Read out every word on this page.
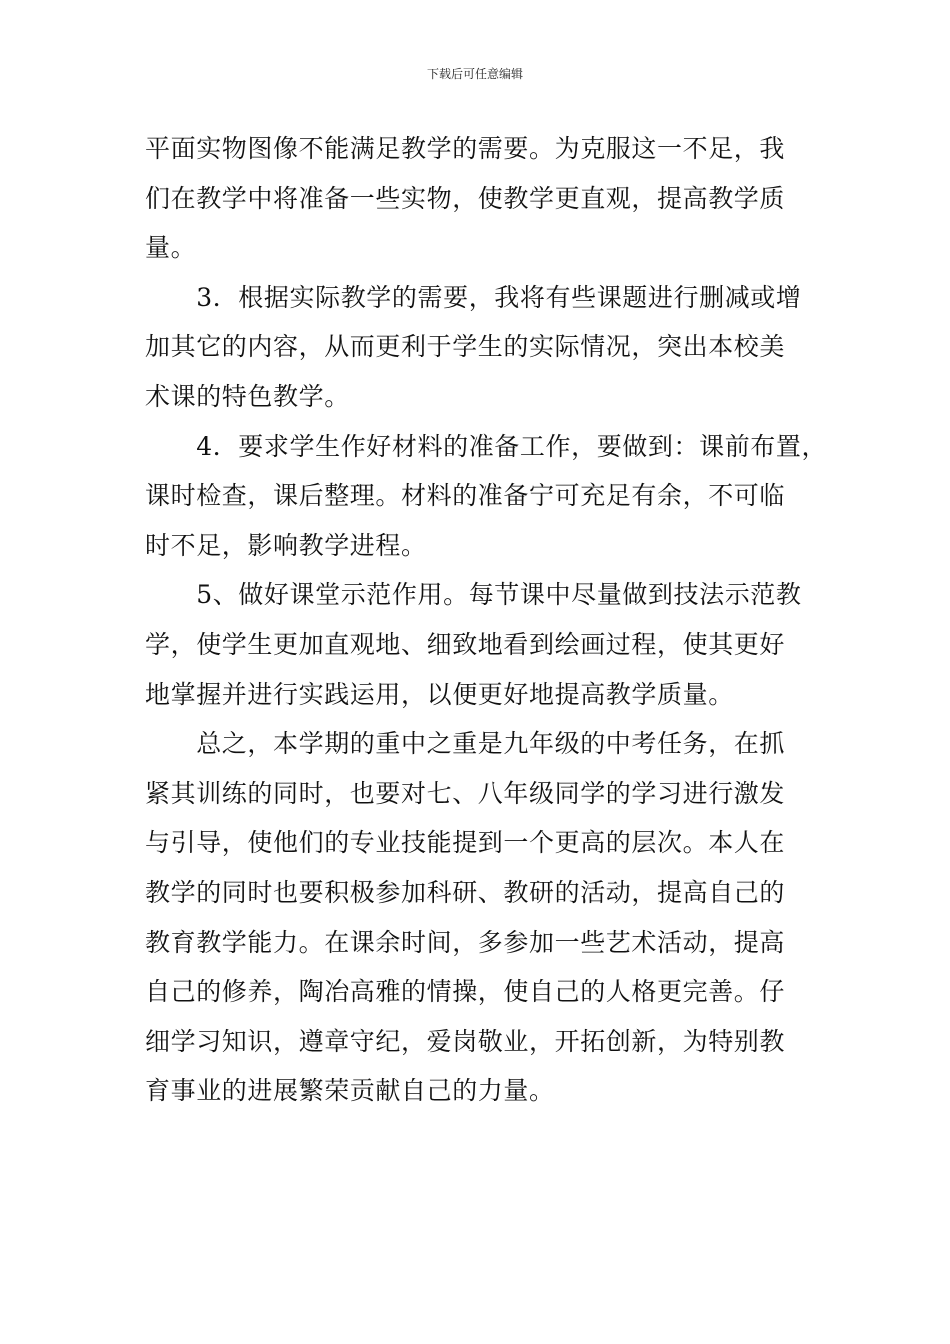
下载后可任意编辑
平面实物图像不能满足教学的需要。为克服这一不足，我
们在教学中将准备一些实物，使教学更直观，提高教学质
量。
　　3．根据实际教学的需要，我将有些课题进行删减或增
加其它的内容，从而更利于学生的实际情况，突出本校美
术课的特色教学。
　　4．要求学生作好材料的准备工作，要做到：课前布置，
课时检查，课后整理。材料的准备宁可充足有余，不可临
时不足，影响教学进程。
　　5、做好课堂示范作用。每节课中尽量做到技法示范教
学，使学生更加直观地、细致地看到绘画过程，使其更好
地掌握并进行实践运用，以便更好地提高教学质量。
　　总之，本学期的重中之重是九年级的中考任务，在抓
紧其训练的同时，也要对七、八年级同学的学习进行激发
与引导，使他们的专业技能提到一个更高的层次。本人在
教学的同时也要积极参加科研、教研的活动，提高自己的
教育教学能力。在课余时间，多参加一些艺术活动，提高
自己的修养，陶冶高雅的情操，使自己的人格更完善。仔
细学习知识，遵章守纪，爱岗敬业，开拓创新，为特别教
育事业的进展繁荣贡献自己的力量。
